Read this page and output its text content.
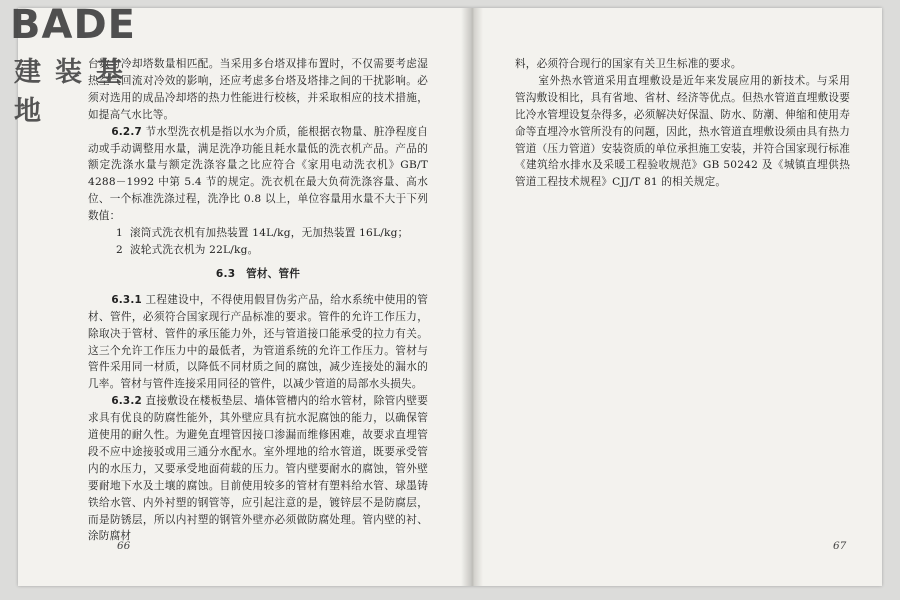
台数与冷却塔数量相匹配。当采用多台塔双排布置时，不仅需要考虑湿热空气回流对冷效的影响，还应考虑多台塔及塔排之间的干扰影响。必须对选用的成品冷却塔的热力性能进行校核，并采取相应的技术措施，如提高气水比等。

6.2.7 节水型洗衣机是指以水为介质，能根据衣物量、脏净程度自动或手动调整用水量，满足洗净功能且耗水量低的洗衣机产品。产品的额定洗涤水量与额定洗涤容量之比应符合《家用电动洗衣机》GB/T 4288－1992 中第 5.4 节的规定。洗衣机在最大负荷洗涤容量、高水位、一个标准洗涤过程，洗净比 0.8 以上，单位容量用水量不大于下列数值：

1 滚筒式洗衣机有加热装置 14L/kg，无加热装置 16L/kg；

2 波轮式洗衣机为 22L/kg。

6.3　管材、管件

6.3.1 工程建设中，不得使用假冒伪劣产品，给水系统中使用的管材、管件，必须符合国家现行产品标准的要求。管件的允许工作压力，除取决于管材、管件的承压能力外，还与管道接口能承受的拉力有关。这三个允许工作压力中的最低者，为管道系统的允许工作压力。管材与管件采用同一材质，以降低不同材质之间的腐蚀，减少连接处的漏水的几率。管材与管件连接采用同径的管件，以减少管道的局部水头损失。

6.3.2 直接敷设在楼板垫层、墙体管槽内的给水管材，除管内壁要求具有优良的防腐性能外，其外壁应具有抗水泥腐蚀的能力，以确保管道使用的耐久性。为避免直埋管因接口渗漏而维修困难，故要求直埋管段不应中途接驳或用三通分水配水。室外埋地的给水管道，既要承受管内的水压力，又要承受地面荷载的压力。管内壁要耐水的腐蚀，管外壁要耐地下水及土壤的腐蚀。目前使用较多的管材有塑料给水管、球墨铸铁给水管、内外衬塑的钢管等，应引起注意的是，镀锌层不是防腐层，而是防锈层，所以内衬塑的钢管外壁亦必须做防腐处理。管内壁的衬、涂防腐材

66

料，必须符合现行的国家有关卫生标准的要求。

室外热水管道采用直埋敷设是近年来发展应用的新技术。与采用管沟敷设相比，具有省地、省材、经济等优点。但热水管道直埋敷设要比冷水管埋设复杂得多，必须解决好保温、防水、防潮、伸缩和使用寿命等直埋冷水管所没有的问题，因此，热水管道直埋敷设须由具有热力管道（压力管道）安装资质的单位承担施工安装，并符合国家现行标准《建筑给水排水及采暖工程验收规范》GB 50242 及《城镇直埋供热管道工程技术规程》CJJ/T 81 的相关规定。

67
BADE
建装基地
